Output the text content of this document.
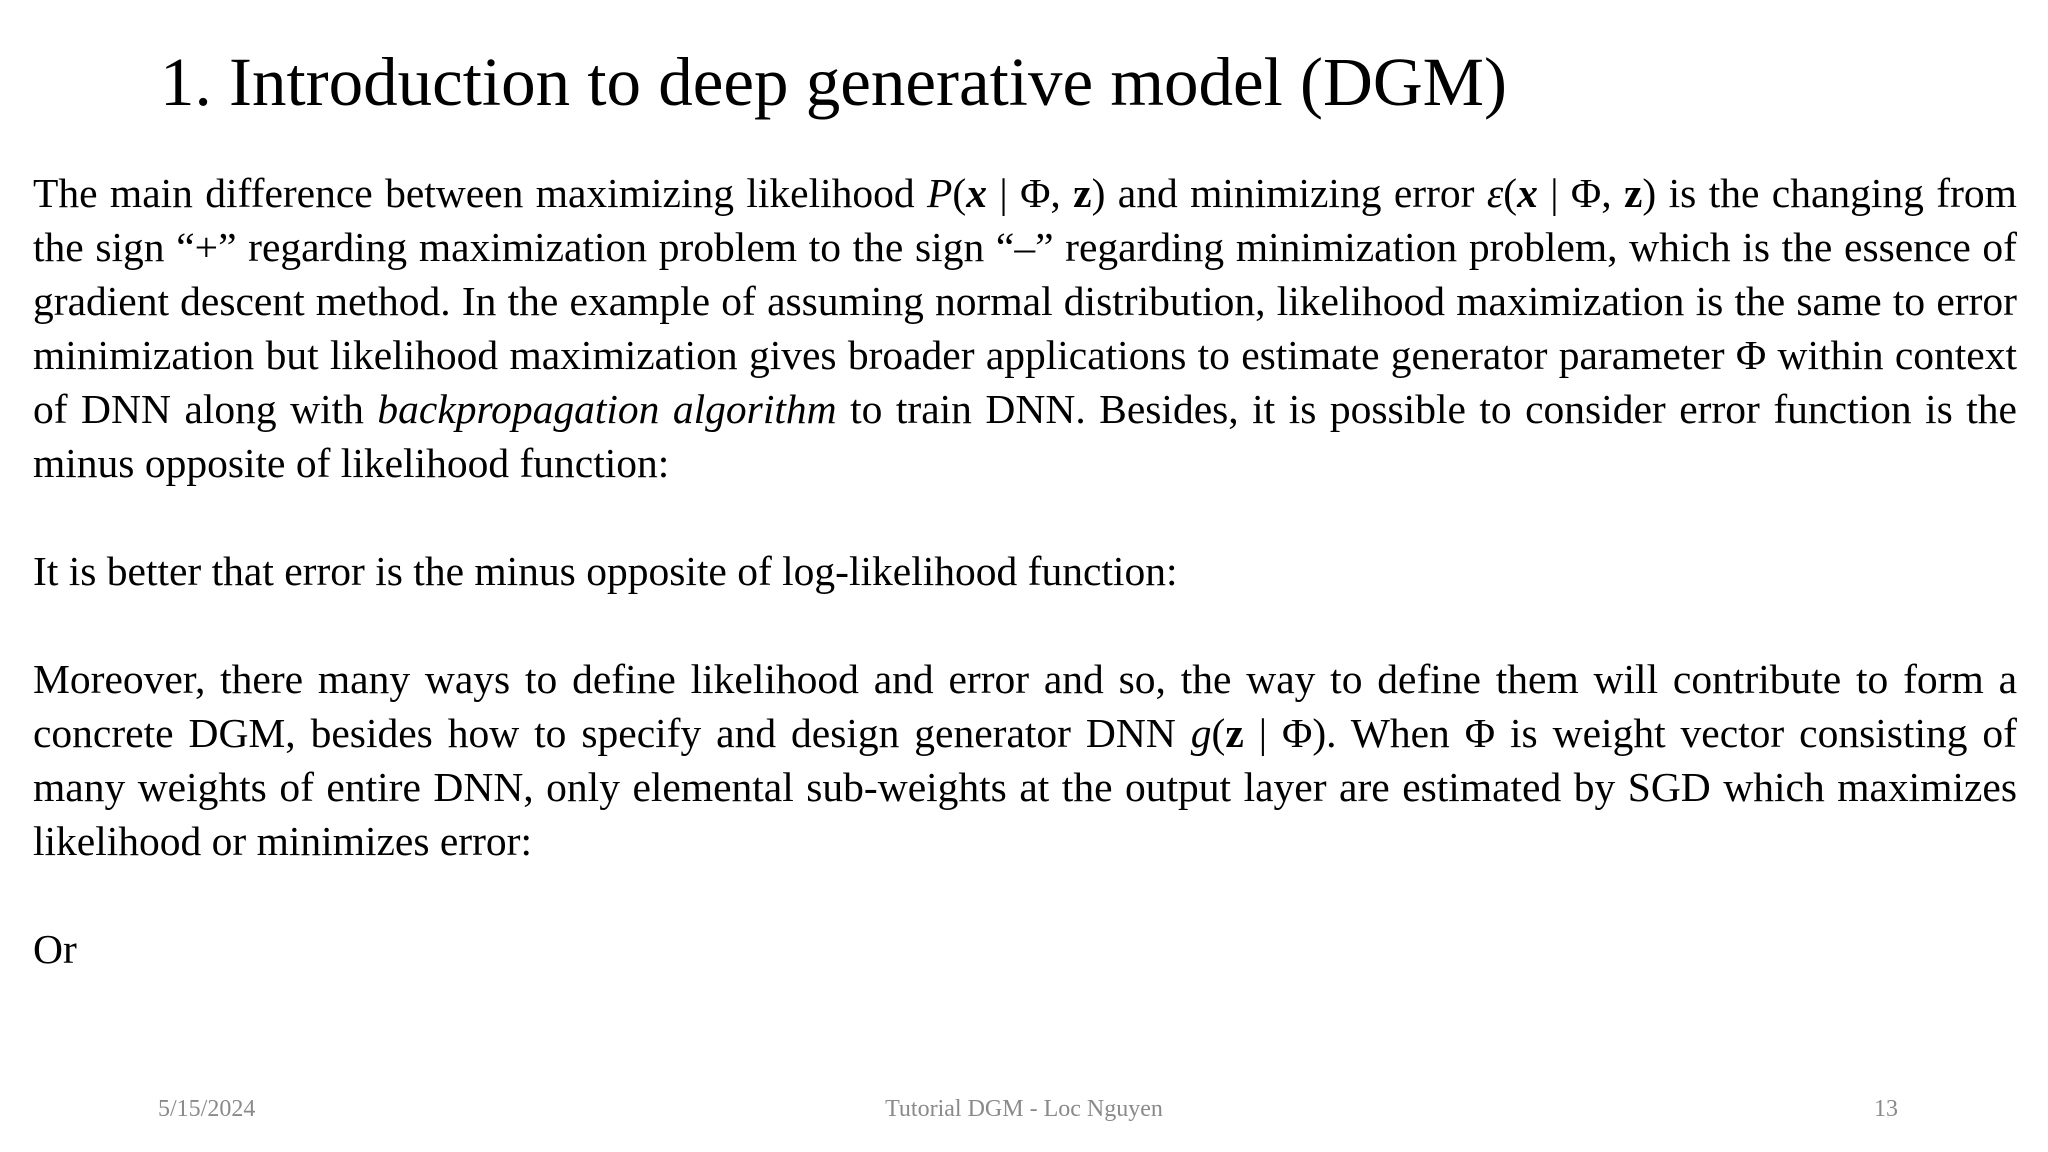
1. Introduction to deep generative model (DGM)

The main difference between maximizing likelihood P(x | Φ, z) and minimizing error ε(x | Φ, z) is the changing from the sign “+” regarding maximization problem to the sign “–” regarding minimization problem, which is the essence of gradient descent method. In the example of assuming normal distribution, likelihood maximization is the same to error minimization but likelihood maximization gives broader applications to estimate generator parameter Φ within context of DNN along with backpropagation algorithm to train DNN. Besides, it is possible to consider error function is the minus opposite of likelihood function:

It is better that error is the minus opposite of log-likelihood function:

Moreover, there many ways to define likelihood and error and so, the way to define them will contribute to form a concrete DGM, besides how to specify and design generator DNN g(z | Φ). When Φ is weight vector consisting of many weights of entire DNN, only elemental sub-weights at the output layer are estimated by SGD which maximizes likelihood or minimizes error:

Or

5/15/2024	Tutorial DGM - Loc Nguyen	13
